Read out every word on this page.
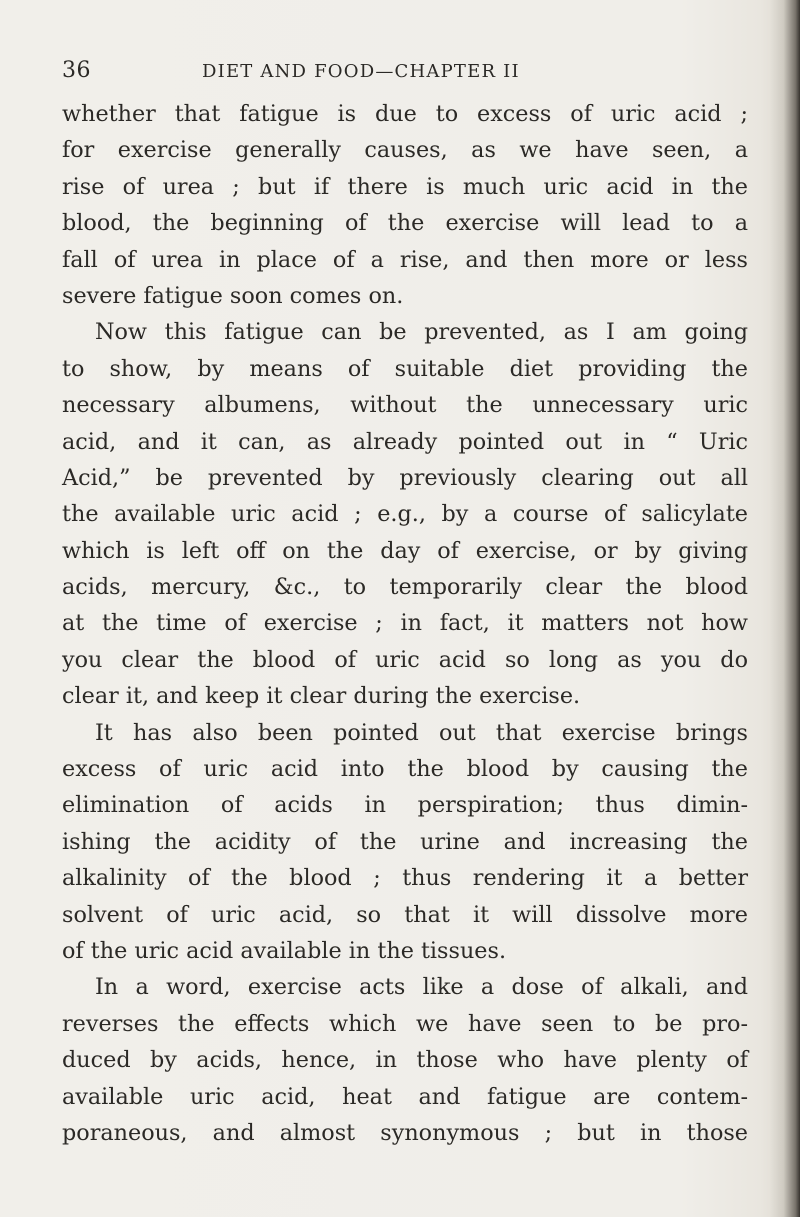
36	DIET AND FOOD—CHAPTER II
whether that fatigue is due to excess of uric acid ;
for exercise generally causes, as we have seen, a
rise of urea ; but if there is much uric acid in the
blood, the beginning of the exercise will lead to a
fall of urea in place of a rise, and then more or less
severe fatigue soon comes on.
Now this fatigue can be prevented, as I am going
to show, by means of suitable diet providing the
necessary albumens, without the unnecessary uric
acid, and it can, as already pointed out in “ Uric
Acid,” be prevented by previously clearing out all
the available uric acid ; e.g., by a course of salicylate
which is left off on the day of exercise, or by giving
acids, mercury, &c., to temporarily clear the blood
at the time of exercise ; in fact, it matters not how
you clear the blood of uric acid so long as you do
clear it, and keep it clear during the exercise.
It has also been pointed out that exercise brings
excess of uric acid into the blood by causing the
elimination of acids in perspiration; thus dimin-
ishing the acidity of the urine and increasing the
alkalinity of the blood ; thus rendering it a better
solvent of uric acid, so that it will dissolve more
of the uric acid available in the tissues.
In a word, exercise acts like a dose of alkali, and
reverses the effects which we have seen to be pro-
duced by acids, hence, in those who have plenty of
available uric acid, heat and fatigue are contem-
poraneous, and almost synonymous ; but in those
